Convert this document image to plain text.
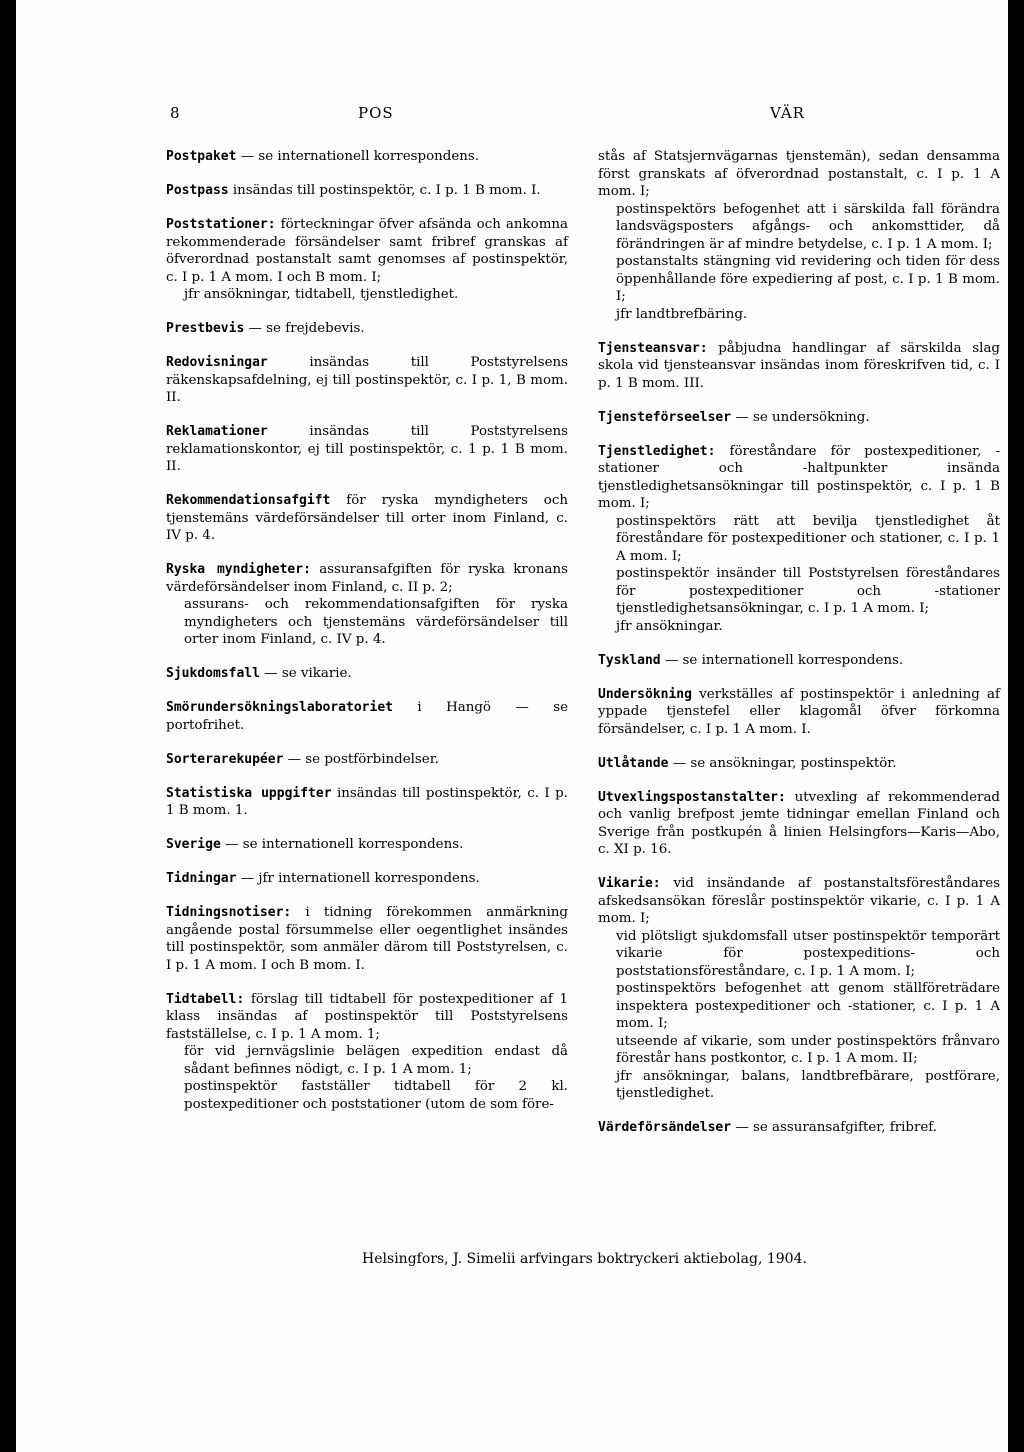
8	POS	VÄR
Postpaket — se internationell korrespondens.
Postpass insändas till postinspektör, c. I p. 1 B mom. I.
Poststationer: förteckningar öfver afsända och ankomna rekommenderade försändelser samt fribref granskas af öfverordnad postanstalt samt genomses af postinspektör, c. I p. 1 A mom. I och B mom. I;
jfr ansökningar, tidtabell, tjenstledighet.
Prestbevis — se frejdebevis.
Redovisningar insändas till Poststyrelsens räkenskapsafdelning, ej till postinspektör, c. I p. 1, B mom. II.
Reklamationer insändas till Poststyrelsens reklamationskontor, ej till postinspektör, c. 1 p. 1 B mom. II.
Rekommendationsafgift för ryska myndigheters och tjenstemäns värdeförsändelser till orter inom Finland, c. IV p. 4.
Ryska myndigheter: assuransafgiften för ryska kronans värdeförsändelser inom Finland, c. II p. 2;
assurans- och rekommendationsafgiften för ryska myndigheters och tjenstemäns värdeförsändelser till orter inom Finland, c. IV p. 4.
Sjukdomsfall — se vikarie.
Smörundersökningslaboratoriet i Hangö — se portofrihet.
Sorterarekupéer — se postförbindelser.
Statistiska uppgifter insändas till postinspektör, c. I p. 1 B mom. 1.
Sverige — se internationell korrespondens.
Tidningar — jfr internationell korrespondens.
Tidningsnotiser: i tidning förekommen anmärkning angående postal försummelse eller oegentlighet insändes till postinspektör, som anmäler därom till Poststyrelsen, c. I p. 1 A mom. I och B mom. I.
Tidtabell: förslag till tidtabell för postexpeditioner af 1 klass insändas af postinspektör till Poststyrelsens fastställelse, c. I p. 1 A mom. 1;
för vid jernvägslinie belägen expedition endast då sådant befinnes nödigt, c. I p. 1 A mom. 1;
postinspektör fastställer tidtabell för 2 kl. postexpeditioner och poststationer (utom de som före-
stås af Statsjernvägarnas tjenstemän), sedan densamma först granskats af öfverordnad postanstalt, c. I p. 1 A mom. I;
postinspektörs befogenhet att i särskilda fall förändra landsvägsposters afgångs- och ankomsttider, då förändringen är af mindre betydelse, c. I p. 1 A mom. I;
postanstalts stängning vid revidering och tiden för dess öppenhållande före expediering af post, c. I p. 1 B mom. I;
jfr landtbrefbäring.
Tjensteansvar: påbjudna handlingar af särskilda slag skola vid tjensteansvar insändas inom föreskrifven tid, c. I p. 1 B mom. III.
Tjensteförseelser — se undersökning.
Tjenstledighet: föreståndare för postexpeditioner, -stationer och -haltpunkter insända tjenstledighetsansökningar till postinspektör, c. I p. 1 B mom. I;
postinspektörs rätt att bevilja tjenstledighet åt föreståndare för postexpeditioner och stationer, c. I p. 1 A mom. I;
postinspektör insänder till Poststyrelsen föreståndares för postexpeditioner och -stationer tjenstledighetsansökningar, c. I p. 1 A mom. I;
jfr ansökningar.
Tyskland — se internationell korrespondens.
Undersökning verkställes af postinspektör i anledning af yppade tjenstefel eller klagomål öfver förkomna försändelser, c. I p. 1 A mom. I.
Utlåtande — se ansökningar, postinspektör.
Utvexlingspostanstalter: utvexling af rekommenderad och vanlig brefpost jemte tidningar emellan Finland och Sverige från postkupén å linien Helsingfors—Karis—Abo, c. XI p. 16.
Vikarie: vid insändande af postanstaltsföreståndares afskedsansökan föreslår postinspektör vikarie, c. I p. 1 A mom. I;
vid plötsligt sjukdomsfall utser postinspektör temporärt vikarie för postexpeditions- och poststationsföreståndare, c. I p. 1 A mom. I;
postinspektörs befogenhet att genom ställföreträdare inspektera postexpeditioner och -stationer, c. I p. 1 A mom. I;
utseende af vikarie, som under postinspektörs frånvaro förestår hans postkontor, c. I p. 1 A mom. II;
jfr ansökningar, balans, landtbrefbärare, postförare, tjenstledighet.
Värdeförsändelser — se assuransafgifter, fribref.
Helsingfors, J. Simelii arfvingars boktryckeri aktiebolag, 1904.
